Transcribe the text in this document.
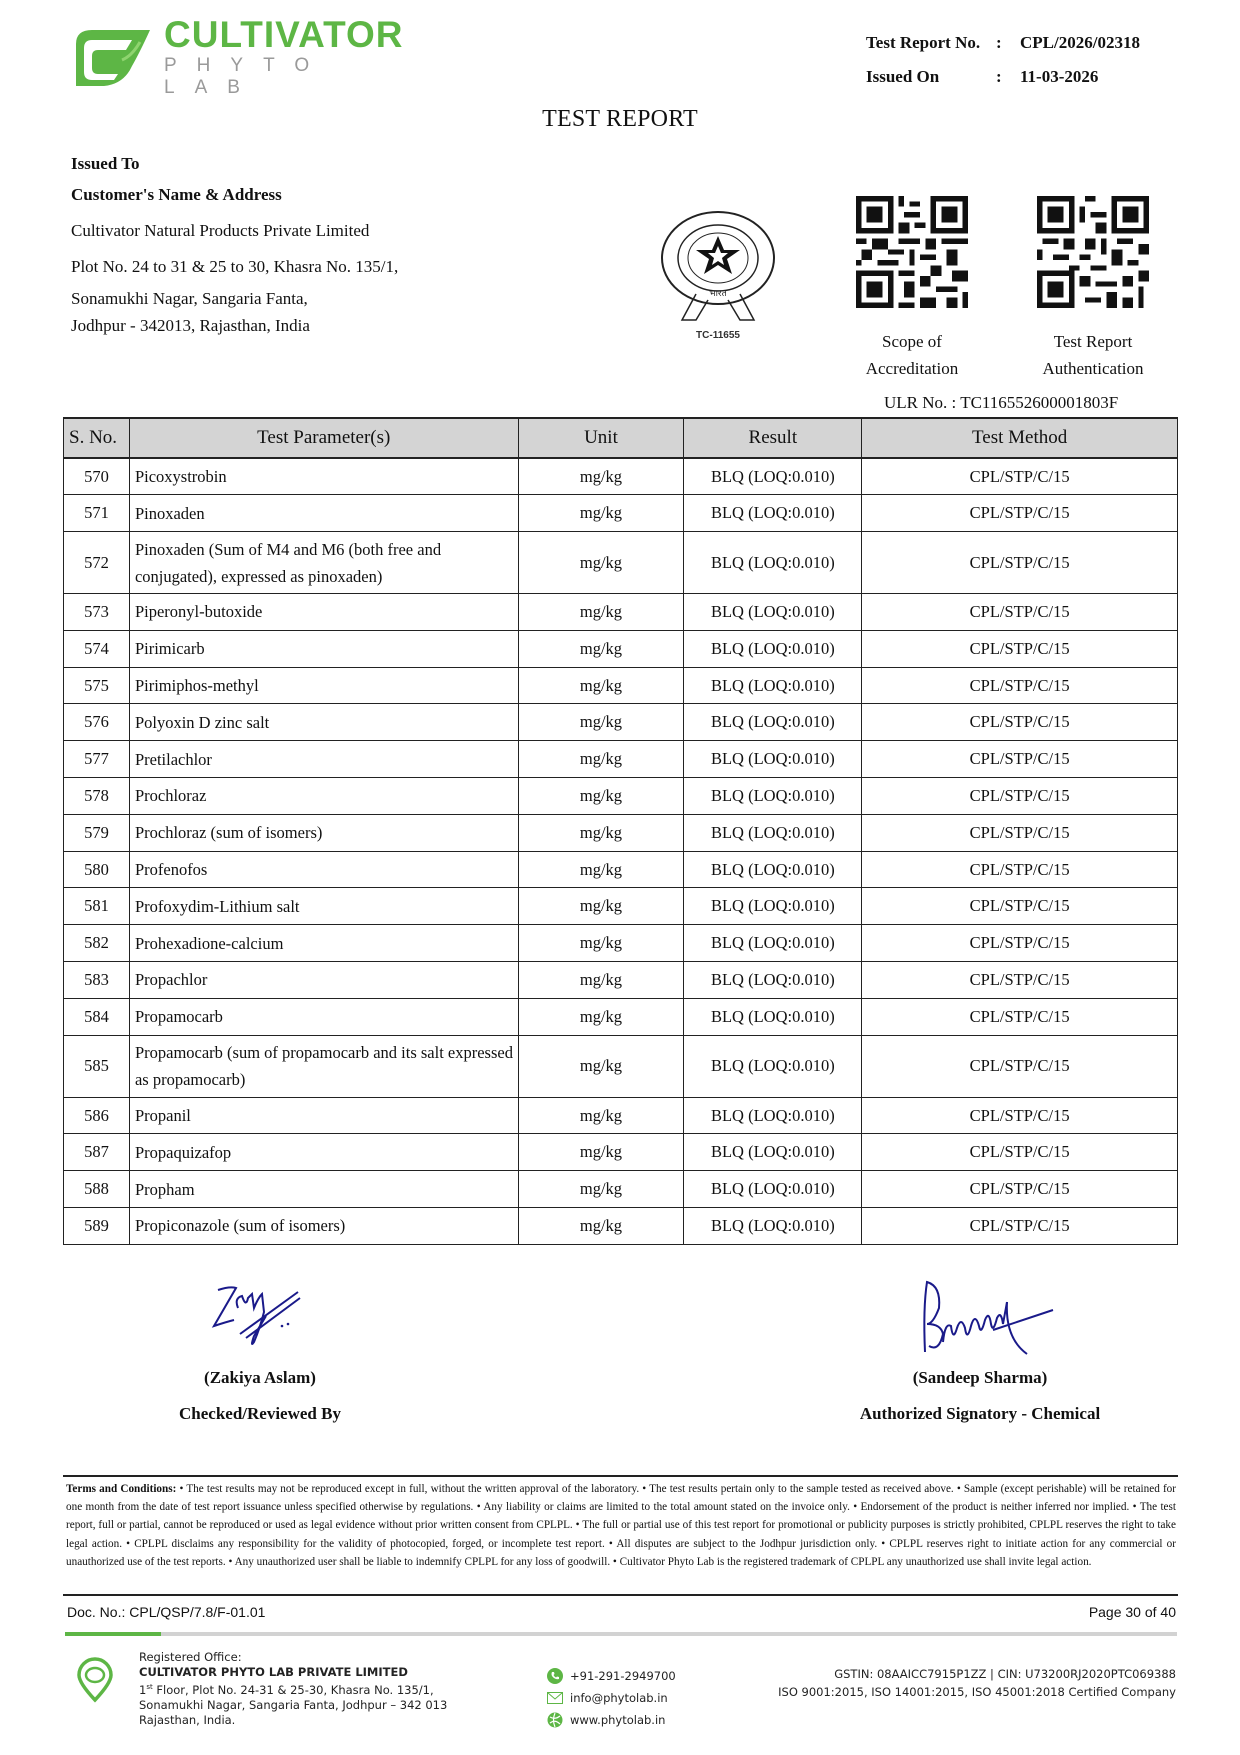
CULTIVATOR
PHYTO LAB
Test Report No. :	CPL/2026/02318
Issued On	:	11-03-2026
TEST REPORT
Issued To
Customer's Name & Address
Cultivator Natural Products Private Limited
Plot No. 24 to 31 & 25 to 30, Khasra No. 135/1,
Sonamukhi Nagar, Sangaria Fanta,
Jodhpur - 342013, Rajasthan, India
भारत
TC-11655	Scope of
Accreditation
Test Report
Authentication
ULR No. : TC116552600001803F
S. No.	Test Parameter(s)	Unit	Result	Test Method
570	Picoxystrobin	mg/kg	BLQ (LOQ:0.010)	CPL/STP/C/15
571	Pinoxaden	mg/kg	BLQ (LOQ:0.010)	CPL/STP/C/15
572	Pinoxaden (Sum of M4 and M6 (both free and conjugated), expressed as pinoxaden)	mg/kg	BLQ (LOQ:0.010)	CPL/STP/C/15
573	Piperonyl-butoxide	mg/kg	BLQ (LOQ:0.010)	CPL/STP/C/15
574	Pirimicarb	mg/kg	BLQ (LOQ:0.010)	CPL/STP/C/15
575	Pirimiphos-methyl	mg/kg	BLQ (LOQ:0.010)	CPL/STP/C/15
576	Polyoxin D zinc salt	mg/kg	BLQ (LOQ:0.010)	CPL/STP/C/15
577	Pretilachlor	mg/kg	BLQ (LOQ:0.010)	CPL/STP/C/15
578	Prochloraz	mg/kg	BLQ (LOQ:0.010)	CPL/STP/C/15
579	Prochloraz (sum of isomers)	mg/kg	BLQ (LOQ:0.010)	CPL/STP/C/15
580	Profenofos	mg/kg	BLQ (LOQ:0.010)	CPL/STP/C/15
581	Profoxydim-Lithium salt	mg/kg	BLQ (LOQ:0.010)	CPL/STP/C/15
582	Prohexadione-calcium	mg/kg	BLQ (LOQ:0.010)	CPL/STP/C/15
583	Propachlor	mg/kg	BLQ (LOQ:0.010)	CPL/STP/C/15
584	Propamocarb	mg/kg	BLQ (LOQ:0.010)	CPL/STP/C/15
585	Propamocarb (sum of propamocarb and its salt expressed as propamocarb)	mg/kg	BLQ (LOQ:0.010)	CPL/STP/C/15
586	Propanil	mg/kg	BLQ (LOQ:0.010)	CPL/STP/C/15
587	Propaquizafop	mg/kg	BLQ (LOQ:0.010)	CPL/STP/C/15
588	Propham	mg/kg	BLQ (LOQ:0.010)	CPL/STP/C/15
589	Propiconazole (sum of isomers)	mg/kg	BLQ (LOQ:0.010)	CPL/STP/C/15
(Zakiya Aslam)
Checked/Reviewed By
(Sandeep Sharma)
Authorized Signatory - Chemical
Terms and Conditions: • The test results may not be reproduced except in full, without the written approval of the laboratory. • The test results pertain only to the sample tested as received above. • Sample (except perishable) will be retained for one month from the date of test report issuance unless specified otherwise by regulations. • Any liability or claims are limited to the total amount stated on the invoice only. • Endorsement of the product is neither inferred nor implied. • The test report, full or partial, cannot be reproduced or used as legal evidence without prior written consent from CPLPL. • The full or partial use of this test report for promotional or publicity purposes is strictly prohibited, CPLPL reserves the right to take legal action. • CPLPL disclaims any responsibility for the validity of photocopied, forged, or incomplete test report. • All disputes are subject to the Jodhpur jurisdiction only. • CPLPL reserves right to initiate action for any commercial or unauthorized use of the test reports. • Any unauthorized user shall be liable to indemnify CPLPL for any loss of goodwill. • Cultivator Phyto Lab is the registered trademark of CPLPL any unauthorized use shall invite legal action.
Doc. No.: CPL/QSP/7.8/F-01.01	Page 30 of 40
Registered Office:
CULTIVATOR PHYTO LAB PRIVATE LIMITED
1st Floor, Plot No. 24-31 & 25-30, Khasra No. 135/1,
Sonamukhi Nagar, Sangaria Fanta, Jodhpur – 342 013
Rajasthan, India.
+91-291-2949700
info@phytolab.in
www.phytolab.in
GSTIN: 08AAICC7915P1ZZ | CIN: U73200RJ2020PTC069388
ISO 9001:2015, ISO 14001:2015, ISO 45001:2018 Certified Company
